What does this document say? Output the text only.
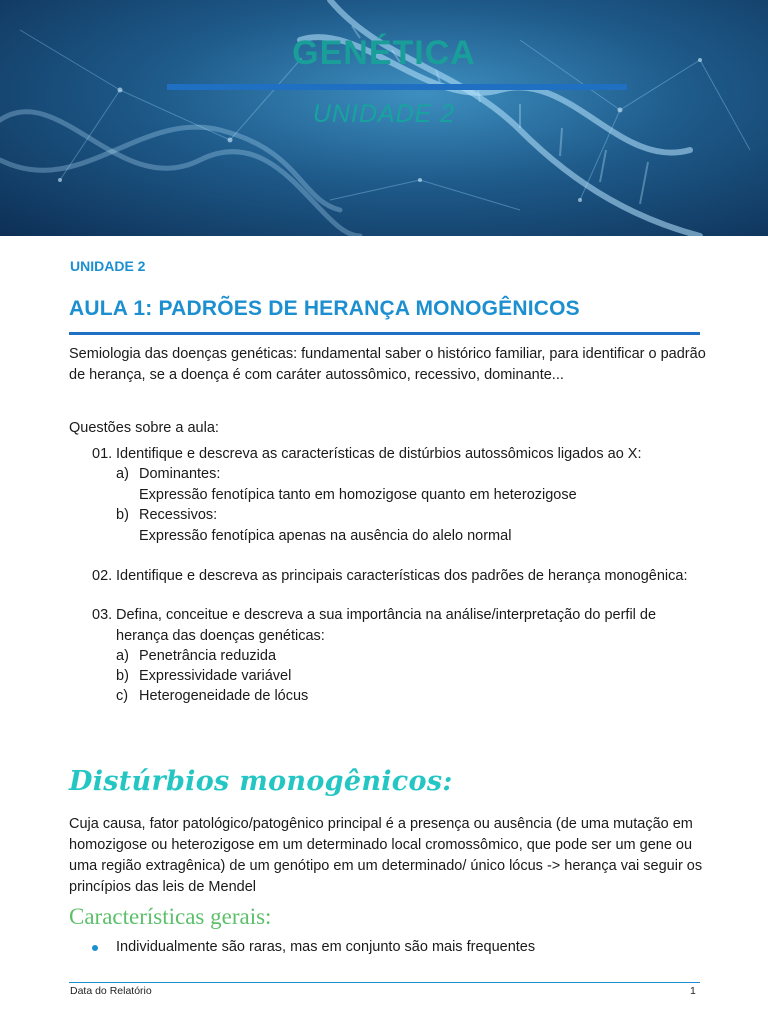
GENÉTICA
UNIDADE 2
UNIDADE 2
AULA 1: PADRÕES DE HERANÇA MONOGÊNICOS
Semiologia das doenças genéticas: fundamental saber o histórico familiar, para identificar o padrão de herança, se a doença é com caráter autossômico, recessivo, dominante...
Questões sobre a aula:
01. Identifique e descreva as características de distúrbios autossômicos ligados ao X:
a) Dominantes:
Expressão fenotípica tanto em homozigose quanto em heterozigose
b) Recessivos:
Expressão fenotípica apenas na ausência do alelo normal
02. Identifique e descreva as principais características dos padrões de herança monogênica:
03. Defina, conceitue e descreva a sua importância na análise/interpretação do perfil de herança das doenças genéticas:
a) Penetrância reduzida
b) Expressividade variável
c) Heterogeneidade de lócus
Distúrbios monogênicos:
Cuja causa, fator patológico/patogênico principal é a presença ou ausência (de uma mutação em homozigose ou heterozigose em um determinado local cromossômico, que pode ser um gene ou uma região extragênica) de um genótipo em um determinado/ único lócus -> herança vai seguir os princípios das leis de Mendel
Características gerais:
Individualmente são raras, mas em conjunto são mais frequentes
Data do Relatório	1
